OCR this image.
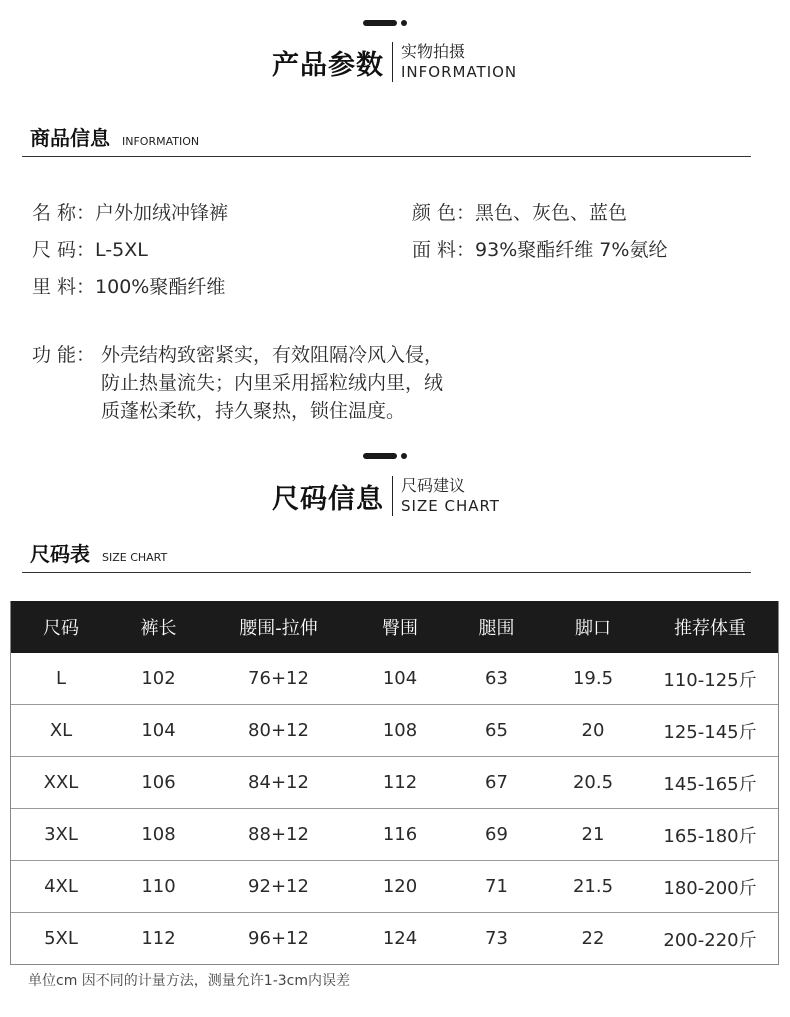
产品参数 实物拍摄
INFORMATION
商品信息 INFORMATION
名 称：户外加绒冲锋裤	颜 色：黑色、灰色、蓝色
尺 码：L-5XL	面 料：93%聚酯纤维 7%氨纶
里 料：100%聚酯纤维
功 能： 外壳结构致密紧实，有效阻隔冷风入侵，
防止热量流失；内里采用摇粒绒内里，绒
质蓬松柔软，持久聚热，锁住温度。
尺码信息 尺码建议
SIZE CHART
尺码表 SIZE CHART
尺码	裤长	腰围-拉伸	臀围	腿围	脚口	推荐体重
L	102	76+12	104	63	19.5	110-125斤
XL	104	80+12	108	65	20	125-145斤
XXL	106	84+12	112	67	20.5	145-165斤
3XL	108	88+12	116	69	21	165-180斤
4XL	110	92+12	120	71	21.5	180-200斤
5XL	112	96+12	124	73	22	200-220斤
单位cm 因不同的计量方法，测量允许1-3cm内误差
